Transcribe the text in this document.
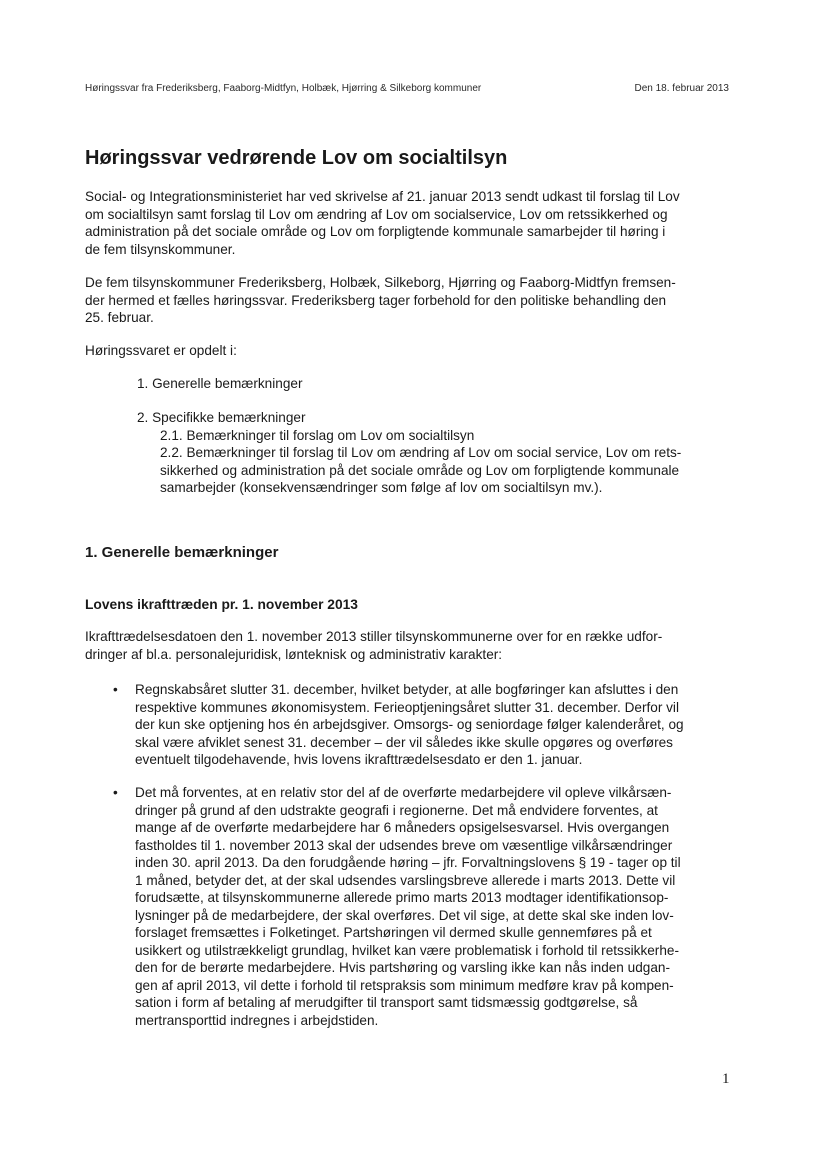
Høringssvar fra Frederiksberg, Faaborg-Midtfyn, Holbæk, Hjørring & Silkeborg kommuner	Den 18. februar 2013
Høringssvar vedrørende Lov om socialtilsyn

Social- og Integrationsministeriet har ved skrivelse af 21. januar 2013 sendt udkast til forslag til Lov
om socialtilsyn samt forslag til Lov om ændring af Lov om socialservice, Lov om retssikkerhed og
administration på det sociale område og Lov om forpligtende kommunale samarbejder til høring i
de fem tilsynskommuner.

De fem tilsynskommuner Frederiksberg, Holbæk, Silkeborg, Hjørring og Faaborg-Midtfyn fremsen-
der hermed et fælles høringssvar. Frederiksberg tager forbehold for den politiske behandling den
25. februar.

Høringssvaret er opdelt i:

1. Generelle bemærkninger

2. Specifikke bemærkninger

2.1. Bemærkninger til forslag om Lov om socialtilsyn

2.2. Bemærkninger til forslag til Lov om ændring af Lov om social service, Lov om rets-
sikkerhed og administration på det sociale område og Lov om forpligtende kommunale
samarbejder (konsekvensændringer som følge af lov om socialtilsyn mv.).

1. Generelle bemærkninger
Lovens ikrafttræden pr. 1. november 2013

Ikrafttrædelsesdatoen den 1. november 2013 stiller tilsynskommunerne over for en række udfor-
dringer af bl.a. personalejuridisk, lønteknisk og administrativ karakter:

• Regnskabsåret slutter 31. december, hvilket betyder, at alle bogføringer kan afsluttes i den
respektive kommunes økonomisystem. Ferieoptjeningsåret slutter 31. december. Derfor vil
der kun ske optjening hos én arbejdsgiver. Omsorgs- og seniordage følger kalenderåret, og
skal være afviklet senest 31. december – der vil således ikke skulle opgøres og overføres
eventuelt tilgodehavende, hvis lovens ikrafttrædelsesdato er den 1. januar.

• Det må forventes, at en relativ stor del af de overførte medarbejdere vil opleve vilkårsæn-
dringer på grund af den udstrakte geografi i regionerne. Det må endvidere forventes, at
mange af de overførte medarbejdere har 6 måneders opsigelsesvarsel. Hvis overgangen
fastholdes til 1. november 2013 skal der udsendes breve om væsentlige vilkårsændringer
inden 30. april 2013. Da den forudgående høring – jfr. Forvaltningslovens § 19 - tager op til
1 måned, betyder det, at der skal udsendes varslingsbreve allerede i marts 2013. Dette vil
forudsætte, at tilsynskommunerne allerede primo marts 2013 modtager identifikationsop-
lysninger på de medarbejdere, der skal overføres. Det vil sige, at dette skal ske inden lov-
forslaget fremsættes i Folketinget. Partshøringen vil dermed skulle gennemføres på et
usikkert og utilstrækkeligt grundlag, hvilket kan være problematisk i forhold til retssikkerhe-
den for de berørte medarbejdere. Hvis partshøring og varsling ikke kan nås inden udgan-
gen af april 2013, vil dette i forhold til retspraksis som minimum medføre krav på kompen-
sation i form af betaling af merudgifter til transport samt tidsmæssig godtgørelse, så
mertransporttid indregnes i arbejdstiden.

1
